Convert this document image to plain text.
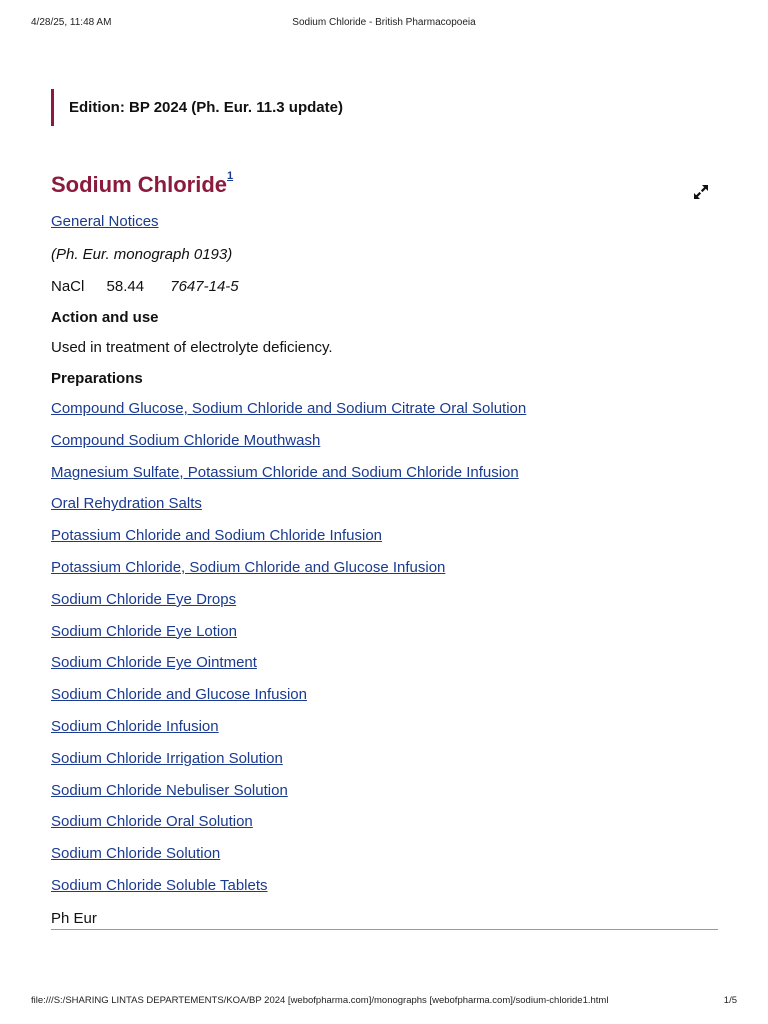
4/28/25, 11:48 AM	Sodium Chloride - British Pharmacopoeia
Edition: BP 2024 (Ph. Eur. 11.3 update)
Sodium Chloride$^1$
General Notices
(Ph. Eur. monograph 0193)
NaCl 58.44 7647-14-5
Action and use
Used in treatment of electrolyte deficiency.
Preparations
Compound Glucose, Sodium Chloride and Sodium Citrate Oral Solution
Compound Sodium Chloride Mouthwash
Magnesium Sulfate, Potassium Chloride and Sodium Chloride Infusion
Oral Rehydration Salts
Potassium Chloride and Sodium Chloride Infusion
Potassium Chloride, Sodium Chloride and Glucose Infusion
Sodium Chloride Eye Drops
Sodium Chloride Eye Lotion
Sodium Chloride Eye Ointment
Sodium Chloride and Glucose Infusion
Sodium Chloride Infusion
Sodium Chloride Irrigation Solution
Sodium Chloride Nebuliser Solution
Sodium Chloride Oral Solution
Sodium Chloride Solution
Sodium Chloride Soluble Tablets
Ph Eur
file:///S:/SHARING LINTAS DEPARTEMENTS/KOA/BP 2024 [webofpharma.com]/monographs [webofpharma.com]/sodium-chloride1.html	1/5
